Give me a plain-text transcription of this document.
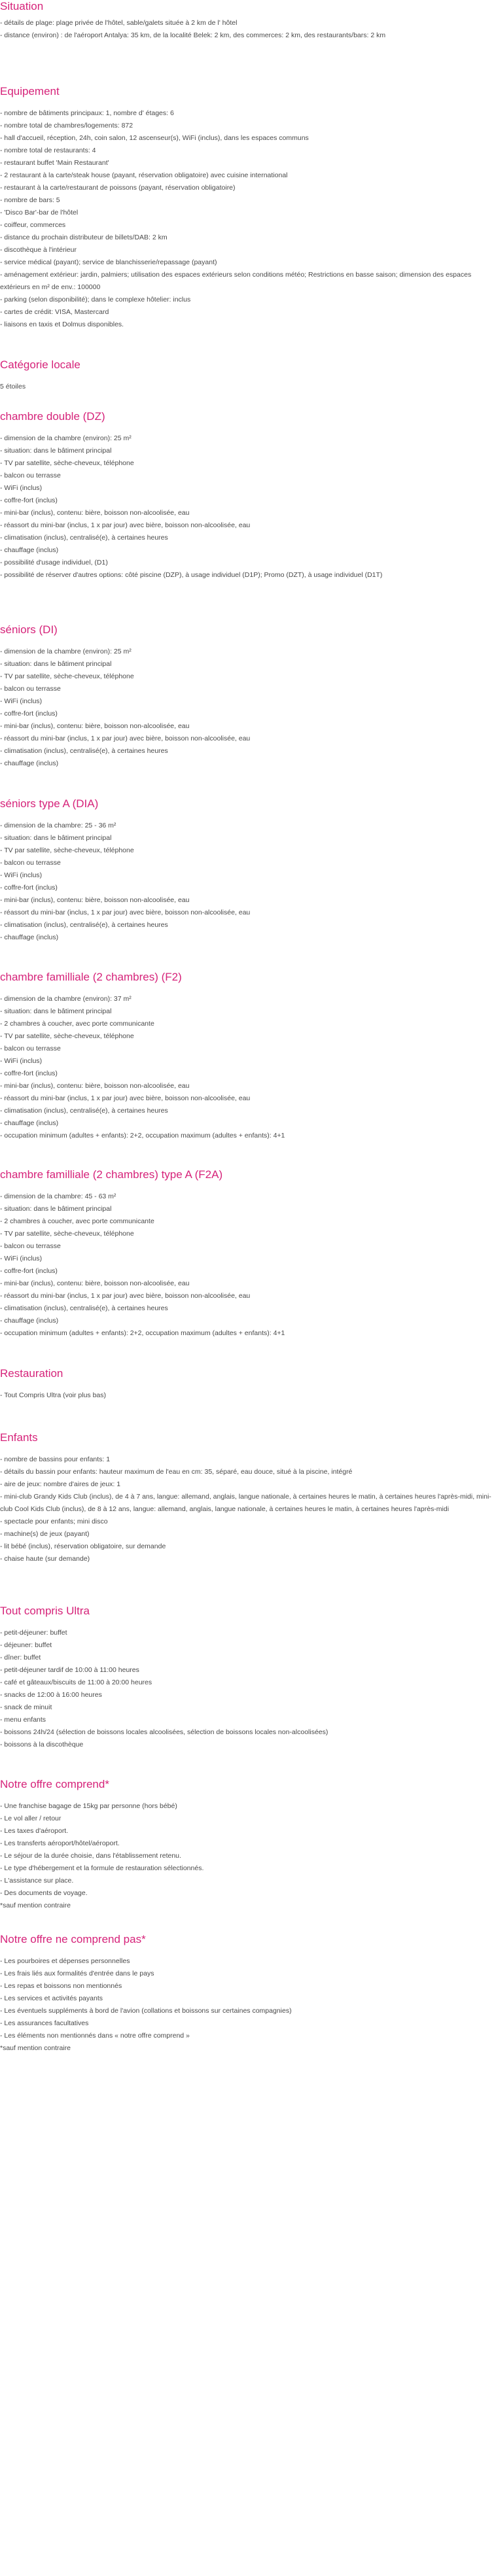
Situation
- détails de plage: plage privée de l'hôtel, sable/galets située à 2 km de l' hôtel
- distance (environ) : de l'aéroport Antalya: 35 km, de la localité Belek: 2 km, des commerces: 2 km, des restaurants/bars: 2 km
Equipement
- nombre de bâtiments principaux: 1, nombre d' étages: 6
- nombre total de chambres/logements: 872
- hall d'accueil, réception, 24h, coin salon, 12 ascenseur(s), WiFi (inclus), dans les espaces communs
- nombre total de restaurants: 4
- restaurant buffet 'Main Restaurant'
- 2 restaurant à la carte/steak house (payant, réservation obligatoire) avec cuisine international
- restaurant à la carte/restaurant de poissons (payant, réservation obligatoire)
- nombre de bars: 5
- 'Disco Bar'-bar de l'hôtel
- coiffeur, commerces
- distance du prochain distributeur de billets/DAB: 2 km
- discothèque à l'intérieur
- service médical (payant); service de blanchisserie/repassage (payant)
- aménagement extérieur: jardin, palmiers; utilisation des espaces extérieurs selon conditions météo; Restrictions en basse saison; dimension des espaces extérieurs en m² de env.: 100000
- parking (selon disponibilité); dans le complexe hôtelier: inclus
- cartes de crédit: VISA, Mastercard
- liaisons en taxis et Dolmus disponibles.
Catégorie locale
5 étoiles
chambre double (DZ)
- dimension de la chambre (environ): 25 m²
- situation: dans le bâtiment principal
- TV par satellite, sèche-cheveux, téléphone
- balcon ou terrasse
- WiFi (inclus)
- coffre-fort (inclus)
- mini-bar (inclus), contenu: bière, boisson non-alcoolisée, eau
- réassort du mini-bar (inclus, 1 x par jour) avec bière, boisson non-alcoolisée, eau
- climatisation (inclus), centralisé(e), à certaines heures
- chauffage (inclus)
- possibilité d'usage individuel, (D1)
- possibilité de réserver d'autres options: côté piscine (DZP), à usage individuel (D1P); Promo (DZT), à usage individuel (D1T)
séniors (DI)
- dimension de la chambre (environ): 25 m²
- situation: dans le bâtiment principal
- TV par satellite, sèche-cheveux, téléphone
- balcon ou terrasse
- WiFi (inclus)
- coffre-fort (inclus)
- mini-bar (inclus), contenu: bière, boisson non-alcoolisée, eau
- réassort du mini-bar (inclus, 1 x par jour) avec bière, boisson non-alcoolisée, eau
- climatisation (inclus), centralisé(e), à certaines heures
- chauffage (inclus)
séniors type A (DIA)
- dimension de la chambre: 25 - 36 m²
- situation: dans le bâtiment principal
- TV par satellite, sèche-cheveux, téléphone
- balcon ou terrasse
- WiFi (inclus)
- coffre-fort (inclus)
- mini-bar (inclus), contenu: bière, boisson non-alcoolisée, eau
- réassort du mini-bar (inclus, 1 x par jour) avec bière, boisson non-alcoolisée, eau
- climatisation (inclus), centralisé(e), à certaines heures
- chauffage (inclus)
chambre familliale (2 chambres) (F2)
- dimension de la chambre (environ): 37 m²
- situation: dans le bâtiment principal
- 2 chambres à coucher, avec porte communicante
- TV par satellite, sèche-cheveux, téléphone
- balcon ou terrasse
- WiFi (inclus)
- coffre-fort (inclus)
- mini-bar (inclus), contenu: bière, boisson non-alcoolisée, eau
- réassort du mini-bar (inclus, 1 x par jour) avec bière, boisson non-alcoolisée, eau
- climatisation (inclus), centralisé(e), à certaines heures
- chauffage (inclus)
- occupation minimum (adultes + enfants): 2+2, occupation maximum (adultes + enfants): 4+1
chambre familliale (2 chambres) type A (F2A)
- dimension de la chambre: 45 - 63 m²
- situation: dans le bâtiment principal
- 2 chambres à coucher, avec porte communicante
- TV par satellite, sèche-cheveux, téléphone
- balcon ou terrasse
- WiFi (inclus)
- coffre-fort (inclus)
- mini-bar (inclus), contenu: bière, boisson non-alcoolisée, eau
- réassort du mini-bar (inclus, 1 x par jour) avec bière, boisson non-alcoolisée, eau
- climatisation (inclus), centralisé(e), à certaines heures
- chauffage (inclus)
- occupation minimum (adultes + enfants): 2+2, occupation maximum (adultes + enfants): 4+1
Restauration
- Tout Compris Ultra (voir plus bas)
Enfants
- nombre de bassins pour enfants: 1
- détails du bassin pour enfants: hauteur maximum de l'eau en cm: 35, séparé, eau douce, situé à la piscine, intégré
- aire de jeux: nombre d'aires de jeux: 1
- mini-club Grandy Kids Club (inclus), de 4 à 7 ans, langue: allemand, anglais, langue nationale, à certaines heures le matin, à certaines heures l'après-midi, mini-club Cool Kids Club (inclus), de 8 à 12 ans, langue: allemand, anglais, langue nationale, à certaines heures le matin, à certaines heures l'après-midi
- spectacle pour enfants; mini disco
- machine(s) de jeux (payant)
- lit bébé (inclus), réservation obligatoire, sur demande
- chaise haute (sur demande)
Tout compris Ultra
- petit-déjeuner: buffet
- déjeuner: buffet
- dîner: buffet
- petit-déjeuner tardif de 10:00 à 11:00 heures
- café et gâteaux/biscuits de 11:00 à 20:00 heures
- snacks de 12:00 à 16:00 heures
- snack de minuit
- menu enfants
- boissons 24h/24 (sélection de boissons locales alcoolisées, sélection de boissons locales non-alcoolisées)
- boissons à la discothèque
Notre offre comprend*
- Une franchise bagage de 15kg par personne (hors bébé)
- Le vol aller / retour
- Les taxes d'aéroport.
- Les transferts aéroport/hôtel/aéroport.
- Le séjour de la durée choisie, dans l'établissement retenu.
- Le type d'hébergement et la formule de restauration sélectionnés.
- L'assistance sur place.
- Des documents de voyage.
*sauf mention contraire
Notre offre ne comprend pas*
- Les pourboires et dépenses personnelles
- Les frais liés aux formalités d'entrée dans le pays
- Les repas et boissons non mentionnés
- Les services et activités payants
- Les éventuels suppléments à bord de l'avion (collations et boissons sur certaines compagnies)
- Les assurances facultatives
- Les éléments non mentionnés dans « notre offre comprend »
*sauf mention contraire
